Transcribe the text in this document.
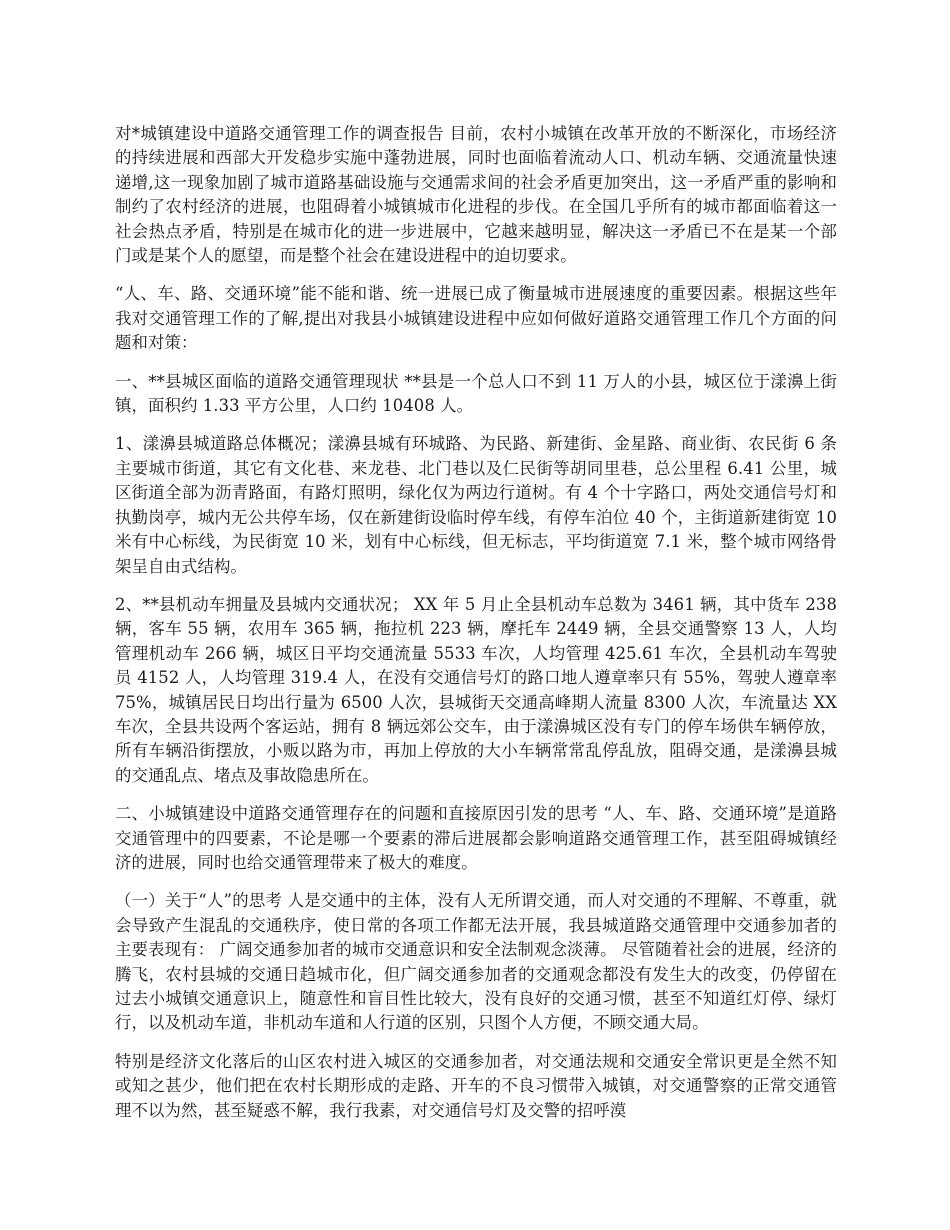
对*城镇建设中道路交通管理工作的调查报告 目前，农村小城镇在改革开放的不断深化，市场经济的持续进展和西部大开发稳步实施中蓬勃进展，同时也面临着流动人口、机动车辆、交通流量快速递增,这一现象加剧了城市道路基础设施与交通需求间的社会矛盾更加突出，这一矛盾严重的影响和制约了农村经济的进展，也阻碍着小城镇城市化进程的步伐。在全国几乎所有的城市都面临着这一社会热点矛盾，特别是在城市化的进一步进展中，它越来越明显，解决这一矛盾已不在是某一个部门或是某个人的愿望，而是整个社会在建设进程中的迫切要求。

“人、车、路、交通环境”能不能和谐、统一进展已成了衡量城市进展速度的重要因素。根据这些年我对交通管理工作的了解,提出对我县小城镇建设进程中应如何做好道路交通管理工作几个方面的问题和对策：

一、**县城区面临的道路交通管理现状 **县是一个总人口不到 11 万人的小县，城区位于漾濞上街镇，面积约 1.33 平方公里，人口约 10408 人。

1、漾濞县城道路总体概况；漾濞县城有环城路、为民路、新建街、金星路、商业街、农民街 6 条主要城市街道，其它有文化巷、来龙巷、北门巷以及仁民街等胡同里巷，总公里程 6.41 公里，城区街道全部为沥青路面，有路灯照明，绿化仅为两边行道树。有 4 个十字路口，两处交通信号灯和执勤岗亭，城内无公共停车场，仅在新建街设临时停车线，有停车泊位 40 个，主街道新建街宽 10 米有中心标线，为民街宽 10 米，划有中心标线，但无标志，平均街道宽 7.1 米，整个城市网络骨架呈自由式结构。

2、**县机动车拥量及县城内交通状况； XX 年 5 月止全县机动车总数为 3461 辆，其中货车 238 辆，客车 55 辆，农用车 365 辆，拖拉机 223 辆，摩托车 2449 辆，全县交通警察 13 人，人均管理机动车 266 辆，城区日平均交通流量 5533 车次，人均管理 425.61 车次，全县机动车驾驶员 4152 人，人均管理 319.4 人，在没有交通信号灯的路口地人遵章率只有 55%，驾驶人遵章率 75%，城镇居民日均出行量为 6500 人次，县城街天交通高峰期人流量 8300 人次，车流量达 XX 车次，全县共设两个客运站，拥有 8 辆远郊公交车，由于漾濞城区没有专门的停车场供车辆停放，所有车辆沿街摆放，小贩以路为市，再加上停放的大小车辆常常乱停乱放，阻碍交通，是漾濞县城的交通乱点、堵点及事故隐患所在。

二、小城镇建设中道路交通管理存在的问题和直接原因引发的思考 “人、车、路、交通环境”是道路交通管理中的四要素，不论是哪一个要素的滞后进展都会影响道路交通管理工作，甚至阻碍城镇经济的进展，同时也给交通管理带来了极大的难度。

（一）关于“人”的思考 人是交通中的主体，没有人无所谓交通，而人对交通的不理解、不尊重，就会导致产生混乱的交通秩序，使日常的各项工作都无法开展，我县城道路交通管理中交通参加者的主要表现有： 广阔交通参加者的城市交通意识和安全法制观念淡薄。 尽管随着社会的进展，经济的腾飞，农村县城的交通日趋城市化，但广阔交通参加者的交通观念都没有发生大的改变，仍停留在过去小城镇交通意识上，随意性和盲目性比较大，没有良好的交通习惯，甚至不知道红灯停、绿灯行，以及机动车道，非机动车道和人行道的区别，只图个人方便，不顾交通大局。

特别是经济文化落后的山区农村进入城区的交通参加者，对交通法规和交通安全常识更是全然不知或知之甚少，他们把在农村长期形成的走路、开车的不良习惯带入城镇，对交通警察的正常交通管理不以为然，甚至疑惑不解，我行我素，对交通信号灯及交警的招呼漠
